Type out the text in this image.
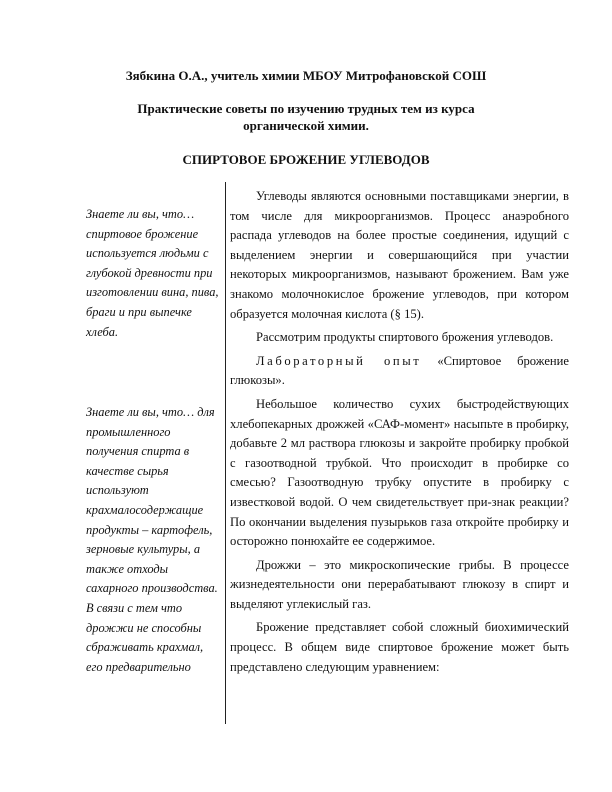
Зябкина О.А., учитель химии МБОУ Митрофановской СОШ
Практические советы по изучению трудных тем из курса органической химии.
СПИРТОВОЕ БРОЖЕНИЕ УГЛЕВОДОВ

Знаете ли вы, что… спиртовое брожение используется людьми с глубокой древности при изготовлении вина, пива, браги и при выпечке хлеба.

Знаете ли вы, что… для промышленного получения спирта в качестве сырья используют крахмалосодержащие продукты – картофель, зерновые культуры, а также отходы сахарного производства. В связи с тем что дрожжи не способны сбраживать крахмал, его предварительно

Углеводы являются основными поставщиками энергии, в том числе для микроорганизмов. Процесс анаэробного распада углеводов на более простые соединения, идущий с выделением энергии и совершающийся при участии некоторых микроорганизмов, называют брожением. Вам уже знакомо молочнокислое брожение углеводов, при котором образуется молочная кислота (§ 15).

Рассмотрим продукты спиртового брожения углеводов.

Лабораторный опыт «Спиртовое брожение глюкозы».

Небольшое количество сухих быстродействующих хлебопекарных дрожжей «САФ-момент» насыпьте в пробирку, добавьте 2 мл раствора глюкозы и закройте пробирку пробкой с газоотводной трубкой. Что происходит в пробирке со смесью? Газоотводную трубку опустите в пробирку с известковой водой. О чем свидетельствует при-знак реакции? По окончании выделения пузырьков газа откройте пробирку и осторожно понюхайте ее содержимое.

Дрожжи – это микроскопические грибы. В процессе жизнедеятельности они перерабатывают глюкозу в спирт и выделяют углекислый газ.

Брожение представляет собой сложный биохимический процесс. В общем виде спиртовое брожение может быть представлено следующим уравнением:
